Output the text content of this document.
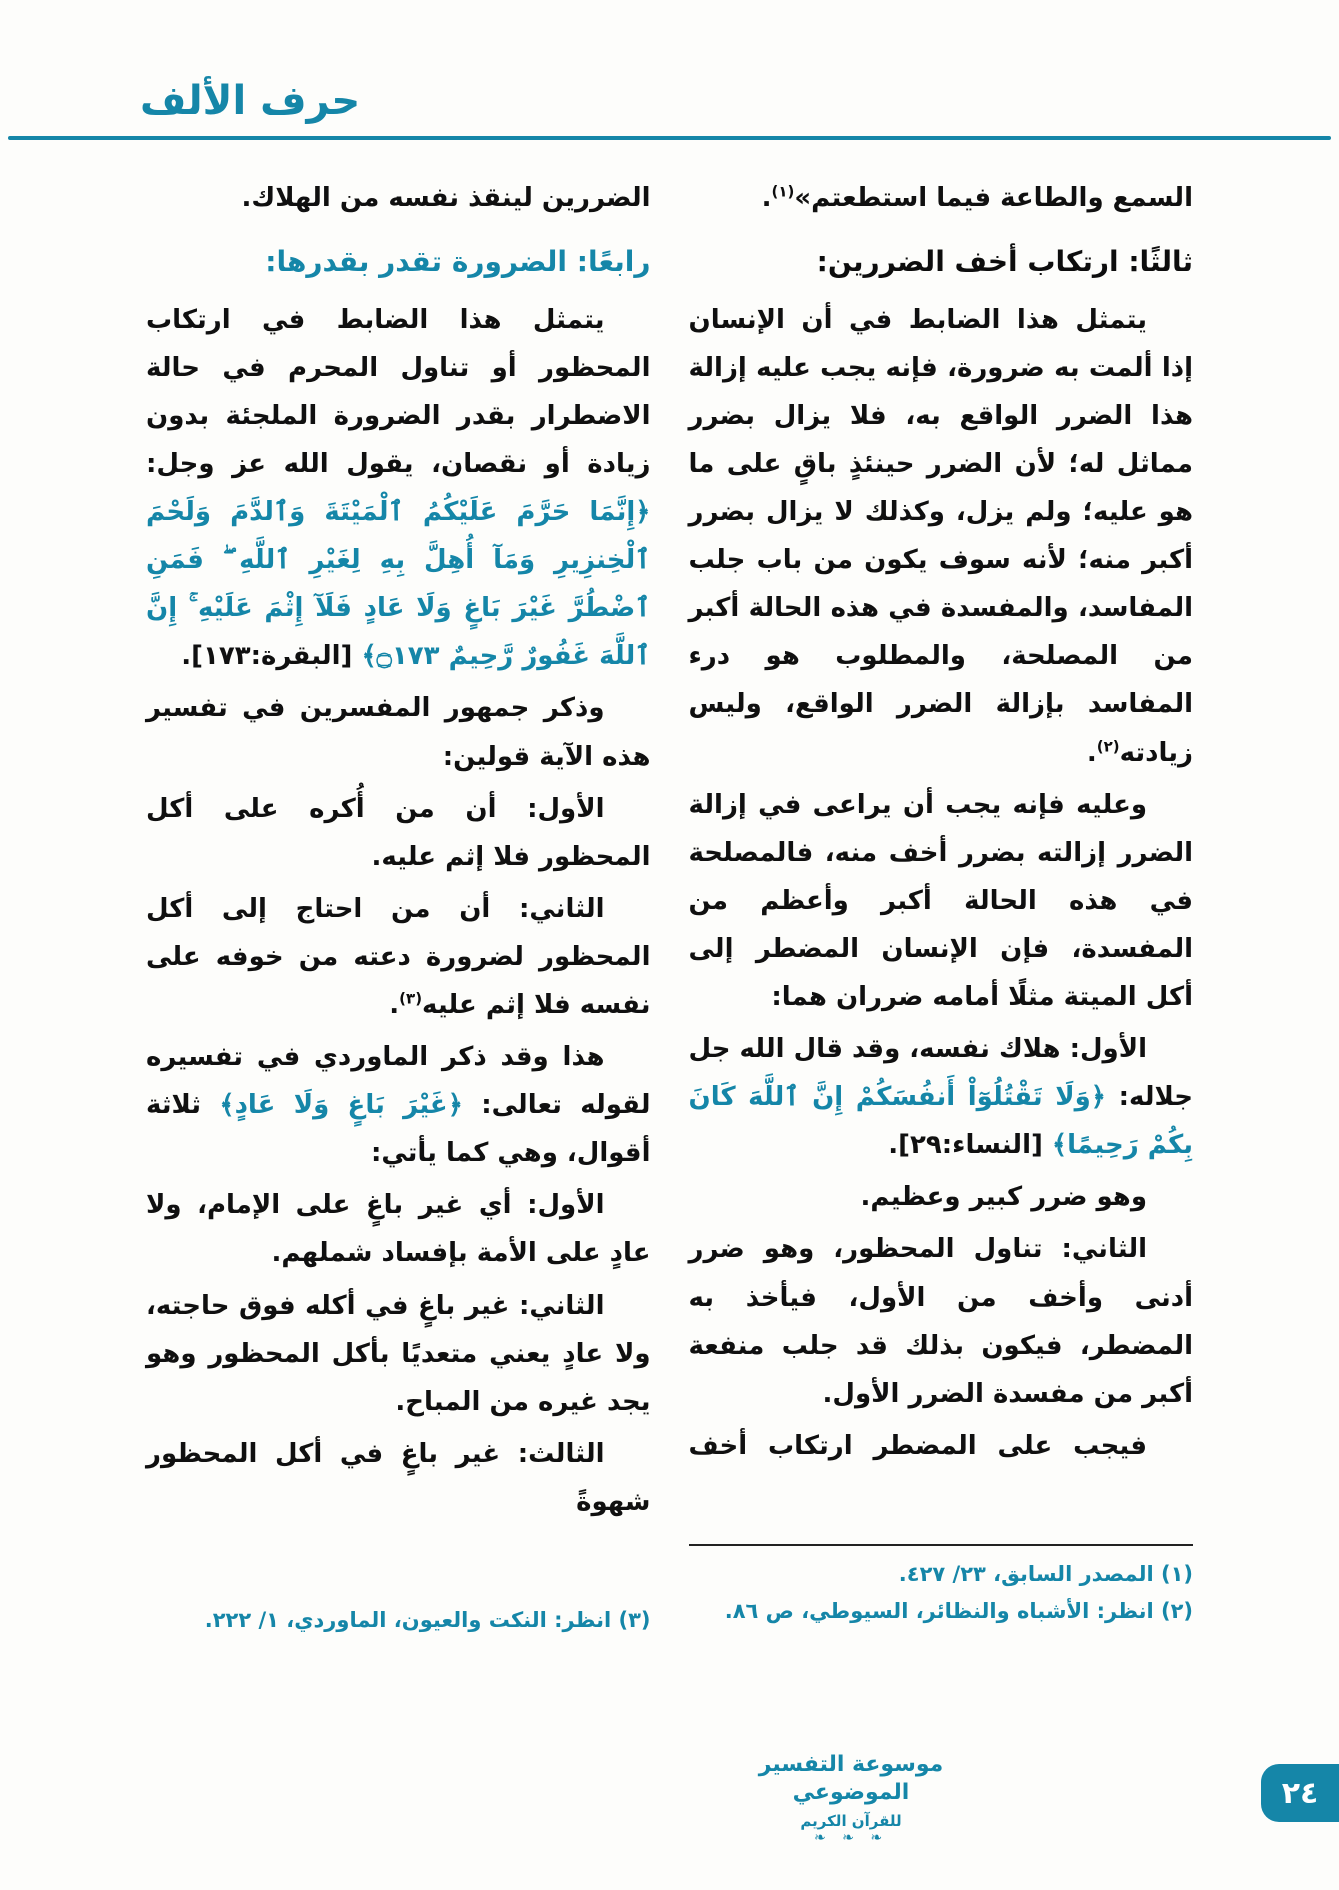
حرف الألف

السمع والطاعة فيما استطعتم»$^{(١)}$.

ثالثًا: ارتكاب أخف الضررين:

يتمثل هذا الضابط في أن الإنسان إذا ألمت به ضرورة، فإنه يجب عليه إزالة هذا الضرر الواقع به، فلا يزال بضرر مماثل له؛ لأن الضرر حينئذٍ باقٍ على ما هو عليه؛ ولم يزل، وكذلك لا يزال بضرر أكبر منه؛ لأنه سوف يكون من باب جلب المفاسد، والمفسدة في هذه الحالة أكبر من المصلحة، والمطلوب هو درء المفاسد بإزالة الضرر الواقع، وليس زيادته$^{(٢)}$.

وعليه فإنه يجب أن يراعى في إزالة الضرر إزالته بضرر أخف منه، فالمصلحة في هذه الحالة أكبر وأعظم من المفسدة، فإن الإنسان المضطر إلى أكل الميتة مثلًا أمامه ضرران هما:

الأول: هلاك نفسه، وقد قال الله جل جلاله: ﴿وَلَا تَقْتُلُوٓاْ أَنفُسَكُمْ إِنَّ ٱللَّهَ كَانَ بِكُمْ رَحِيمًا﴾ [النساء:٢٩].

وهو ضرر كبير وعظيم.

الثاني: تناول المحظور، وهو ضرر أدنى وأخف من الأول، فيأخذ به المضطر، فيكون بذلك قد جلب منفعة أكبر من مفسدة الضرر الأول.

فيجب على المضطر ارتكاب أخف

الضررين لينقذ نفسه من الهلاك.

رابعًا: الضرورة تقدر بقدرها:

يتمثل هذا الضابط في ارتكاب المحظور أو تناول المحرم في حالة الاضطرار بقدر الضرورة الملجئة بدون زيادة أو نقصان، يقول الله عز وجل: ﴿إِنَّمَا حَرَّمَ عَلَيْكُمُ ٱلْمَيْتَةَ وَٱلدَّمَ وَلَحْمَ ٱلْخِنزِيرِ وَمَآ أُهِلَّ بِهِ لِغَيْرِ ٱللَّهِ ۖ فَمَنِ ٱضْطُرَّ غَيْرَ بَاغٍ وَلَا عَادٍ فَلَآ إِثْمَ عَلَيْهِ ۚ إِنَّ ٱللَّهَ غَفُورٌ رَّحِيمٌ ۝١٧٣﴾ [البقرة:١٧٣].

وذكر جمهور المفسرين في تفسير هذه الآية قولين:

الأول: أن من أُكره على أكل المحظور فلا إثم عليه.

الثاني: أن من احتاج إلى أكل المحظور لضرورة دعته من خوفه على نفسه فلا إثم عليه$^{(٣)}$.

هذا وقد ذكر الماوردي في تفسيره لقوله تعالى: ﴿غَيْرَ بَاغٍ وَلَا عَادٍ﴾ ثلاثة أقوال، وهي كما يأتي:

الأول: أي غير باغٍ على الإمام، ولا عادٍ على الأمة بإفساد شملهم.

الثاني: غير باغٍ في أكله فوق حاجته، ولا عادٍ يعني متعديًا بأكل المحظور وهو يجد غيره من المباح.

الثالث: غير باغٍ في أكل المحظور شهوةً

(١) المصدر السابق، ٢٣/ ٤٢٧.

(٢) انظر: الأشباه والنظائر، السيوطي، ص ٨٦.

(٣) انظر: النكت والعيون، الماوردي، ١/ ٢٢٢.

موسوعة التفسير الموضوعي
للقرآن الكريم
❧ ❧ ❧
٢٤
